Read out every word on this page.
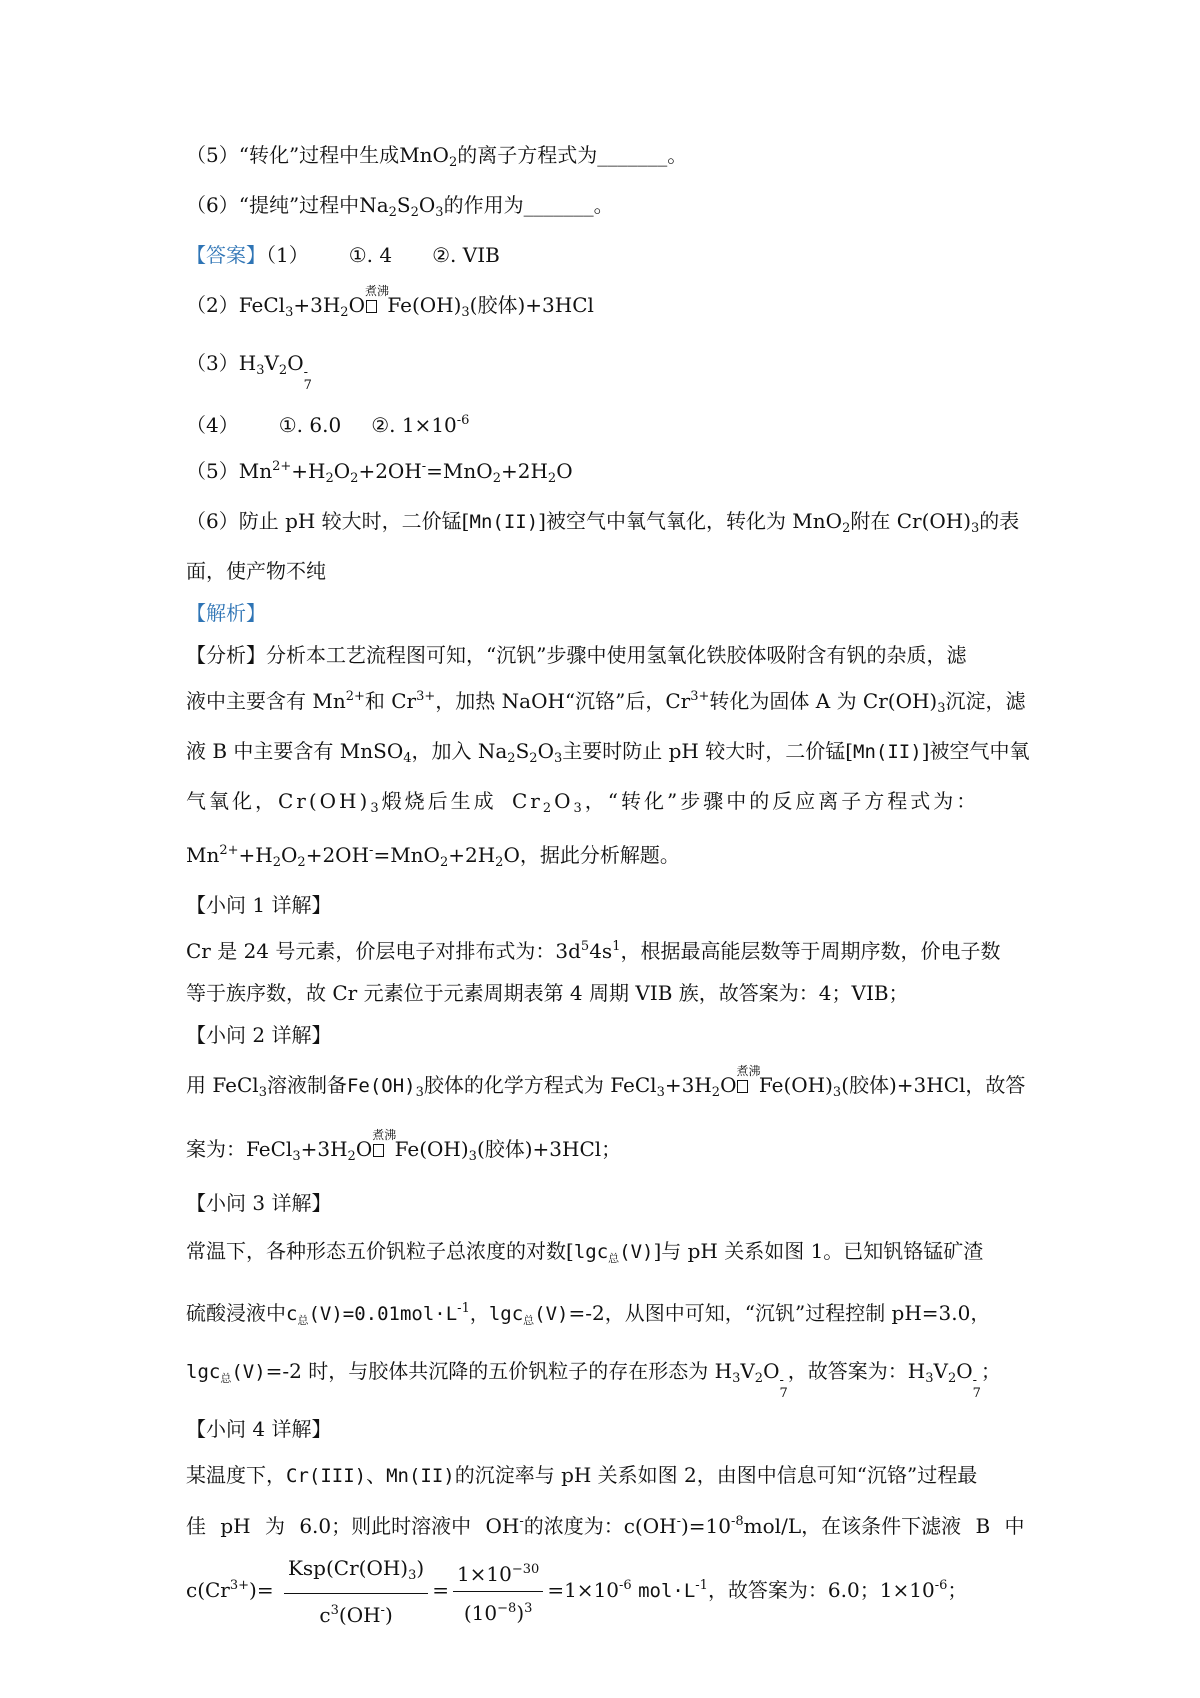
（5）“转化”过程中生成MnO$_2$的离子方程式为_______。
（6）“提纯”过程中$Na_2S_2O_3$的作用为_______。
【答案】（1） ①. 4 ②. VIB
$(2)FeCl_3+3H_2O$
煮沸
$Fe(OH)_3$(胶体)+3HCl
$(3)H_3V_2O$ -
7
（4） ①. 6.0 ②. $1\times 10^{-6}$
$(5)Mn^{2+}+H_2O_2+2OH^-=MnO_2+2H_2O$
（6）防止 pH 较大时，二价锰[Mn(II)]被空气中氧气氧化，转化为 MnO$_2$附在 $Cr(OH)_3$的表
面，使产物不纯
【解析】
【分析】分析本工艺流程图可知，“沉钒”步骤中使用氢氧化铁胶体吸附含有钒的杂质，滤
液中主要含有 $Mn^{2+}$和 $Cr^{3+}$，加热 NaOH“沉铬”后，$Cr^{3+}$转化为固体 A 为 $Cr(OH)_3$沉淀，滤
液 B 中主要含有 MnSO$_4$，加入 $Na_2S_2O_3$主要时防止 pH 较大时，二价锰[Mn(II)]被空气中氧
气氧化，$Cr(OH)_3$煅烧后生成 $Cr_2O_3$，“转化”步骤中的反应离子方程式为：
$Mn^{2+}+H_2O_2+2OH^-=MnO_2+2H_2O$，据此分析解题。
【小问 1 详解】
Cr 是 24 号元素，价层电子对排布式为：$3d^54s^1$，根据最高能层数等于周期序数，价电子数
等于族序数，故 Cr 元素位于元素周期表第 4 周期 VIB 族，故答案为：4；VIB；
【小问 2 详解】
用 FeCl$_3$溶液制备$Fe(OH)_3$胶体的化学方程式为 $FeCl_3+3H_2O$
煮沸
$Fe(OH)_3$(胶体)+3HCl，故答
案为：$FeCl_3+3H_2O$
煮沸
$Fe(OH)_3$(胶体)+3HCl；
【小问 3 详解】
常温下，各种形态五价钒粒子总浓度的对数[lgc$_总$(V)]与 pH 关系如图 1。已知钒铬锰矿渣
硫酸浸液中$c_总(V)=0.01mol\cdot L^{-1}$，lgc$_总$(V)=-2，从图中可知，“沉钒”过程控制 pH=3.0，
lgc$_总$(V)=-2 时，与胶体共沉降的五价钒粒子的存在形态为 $H_3V_2O$ -
7
，故答案为：$H_3V_2O$ -
7
；
【小问 4 详解】
某温度下，Cr(III)、Mn(II)的沉淀率与 pH 关系如图 2，由图中信息可知“沉铬”过程最
佳 pH 为 6.0；则此时溶液中 OH-的浓度为：$c(OH^-)=10^{-8}mol/L$，在该条件下滤液 B 中
$c(Cr^{3+})= \frac{Ksp(Cr(OH)_3)}{c^3(OH^-)} = \frac{1\times 10^{-30}}{(10^{-8})^3} =1\times 10^{-6}$ $mol\cdot L^{-1}$，故答案为：6.0；$1\times 10^{-6}$；
